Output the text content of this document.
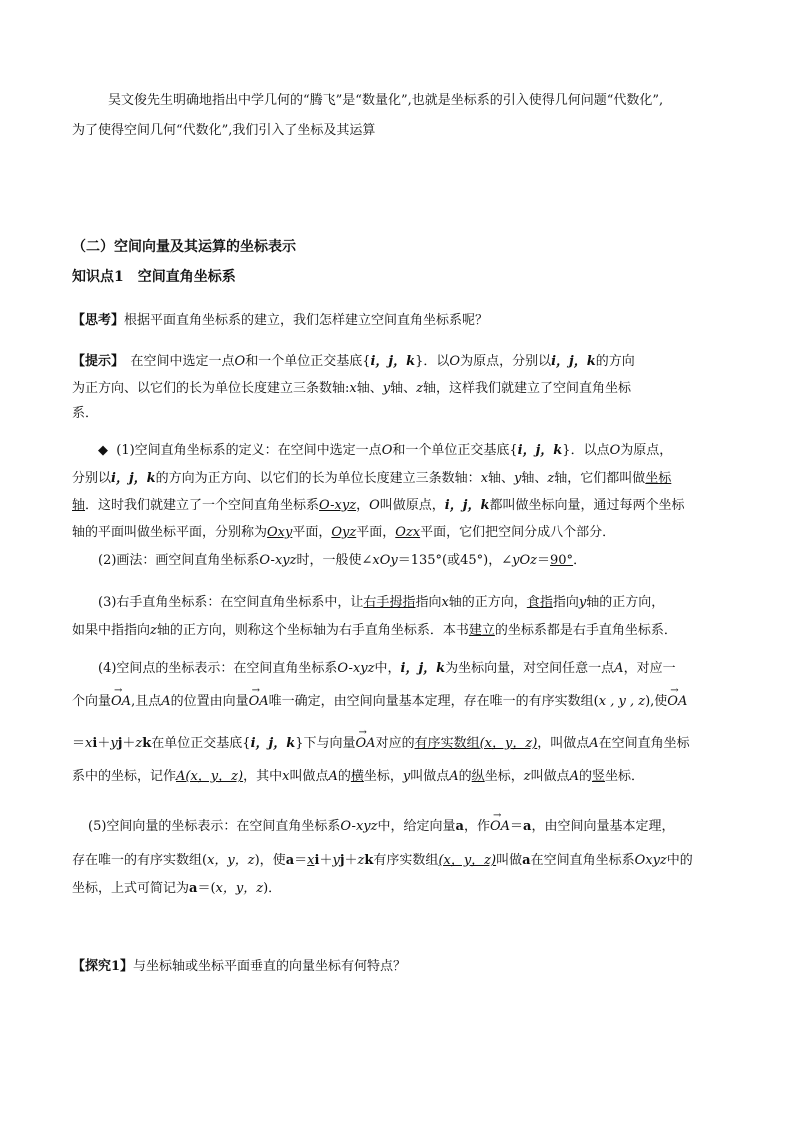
吴文俊先生明确地指出中学几何的“腾飞”是“数量化”,也就是坐标系的引入使得几何问题“代数化”,
为了使得空间几何“代数化”,我们引入了坐标及其运算
（二）空间向量及其运算的坐标表示
知识点1　空间直角坐标系
【思考】根据平面直角坐标系的建立，我们怎样建立空间直角坐标系呢？
【提示】　在空间中选定一点O和一个单位正交基底{i，j，k}．以O为原点，分别以i，j，k的方向
为正方向、以它们的长为单位长度建立三条数轴:x轴、y轴、z轴，这样我们就建立了空间直角坐标
系．
◆ (1)空间直角坐标系的定义：在空间中选定一点O和一个单位正交基底{i，j，k}．以点O为原点，
分别以i，j，k的方向为正方向、以它们的长为单位长度建立三条数轴：x轴、y轴、z轴，它们都叫做坐标
轴．这时我们就建立了一个空间直角坐标系O-xyz，O叫做原点，i，j，k都叫做坐标向量，通过每两个坐标
轴的平面叫做坐标平面，分别称为Oxy平面，Oyz平面，Ozx平面，它们把空间分成八个部分．
(2)画法：画空间直角坐标系O-xyz时，一般使∠xOy＝135°(或45°)，∠yOz＝90°．
(3)右手直角坐标系：在空间直角坐标系中，让右手拇指指向x轴的正方向，食指指向y轴的正方向，
如果中指指向z轴的正方向，则称这个坐标轴为右手直角坐标系．本书建立的坐标系都是右手直角坐标系．
(4)空间点的坐标表示：在空间直角坐标系O-xyz中，i，j，k为坐标向量，对空间任意一点A，对应一
个向量→ OA,且点A的位置由向量→ OA唯一确定，由空间向量基本定理，存在唯一的有序实数组(x , y , z),使→ OA
＝xi＋yj＋zk在单位正交基底{i，j，k}下与向量→ OA对应的有序实数组(x，y，z)，叫做点A在空间直角坐标
系中的坐标，记作A(x，y，z)，其中x叫做点A的横坐标，y叫做点A的纵坐标，z叫做点A的竖坐标．
(5)空间向量的坐标表示：在空间直角坐标系O-xyz中，给定向量a，作→ OA＝a，由空间向量基本定理，
存在唯一的有序实数组(x，y，z)，使a＝xi＋yj＋zk有序实数组(x，y，z)叫做a在空间直角坐标系Oxyz中的
坐标，上式可简记为a＝(x，y，z)．
【探究1】与坐标轴或坐标平面垂直的向量坐标有何特点？
